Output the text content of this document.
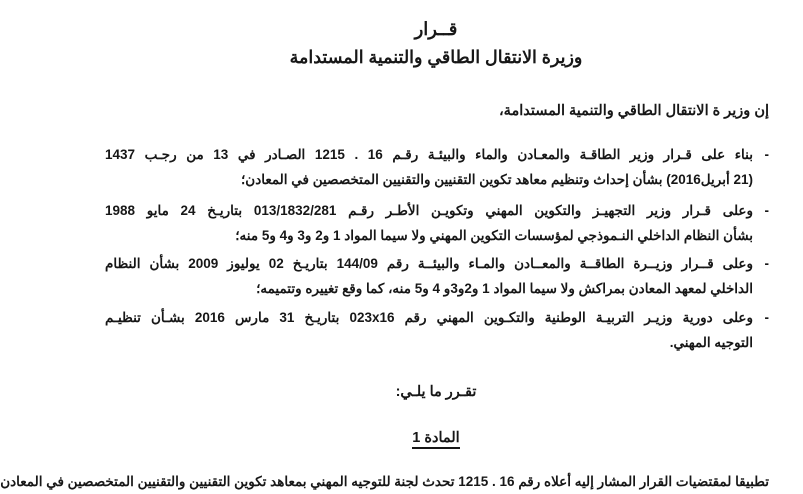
قــرار
وزيرة الانتقال الطاقي والتنمية المستدامة
إن وزير ة الانتقال الطاقي والتنمية المستدامة،
-
بناء على قـرار وزير الطاقـة والمعـادن والماء والبيئـة رقـم 16 . 1215 الصـادر في 13 من رجـب 1437
(21 أبريل2016) بشأن إحداث وتنظيم معاهد تكوين التقنيين والتقنيين المتخصصين في المعادن؛
-
وعلى قـرار وزير التجهيـز والتكوين المهني وتكويـن الأطـر رقـم 013/1832/281 بتاريـخ 24 مايو 1988
بشأن النظام الداخلي النـموذجي لمؤسسات التكوين المهني ولا سيما المواد 1 و2 و3 و4 و5 منه؛
-
وعلى قــرار وزيــرة الطاقــة والمعــادن والمـاء والبيئــة رقم 144/09 بتاريـخ 02 يوليوز 2009 بشأن النظام
الداخلي لمعهد المعادن بمراكش ولا سيما المواد 1 و2و3و 4 و5 منه، كما وقع تغييره وتتميمه؛
-
وعلى دورية وزيـر التربيـة الوطنية والتكـوين المهني رقم 023x16 بتاريـخ 31 مارس 2016 بشـأن تنظيـم
التوجيه المهني.
تقـرر ما يلـي:
المادة 1
تطبيقا لمقتضيات القرار المشار إليه أعلاه رقم 16 . 1215 تحدث لجنة للتوجيه المهني بمعاهد تكوين التقنيين والتقنيين المتخصصين في المعادن
